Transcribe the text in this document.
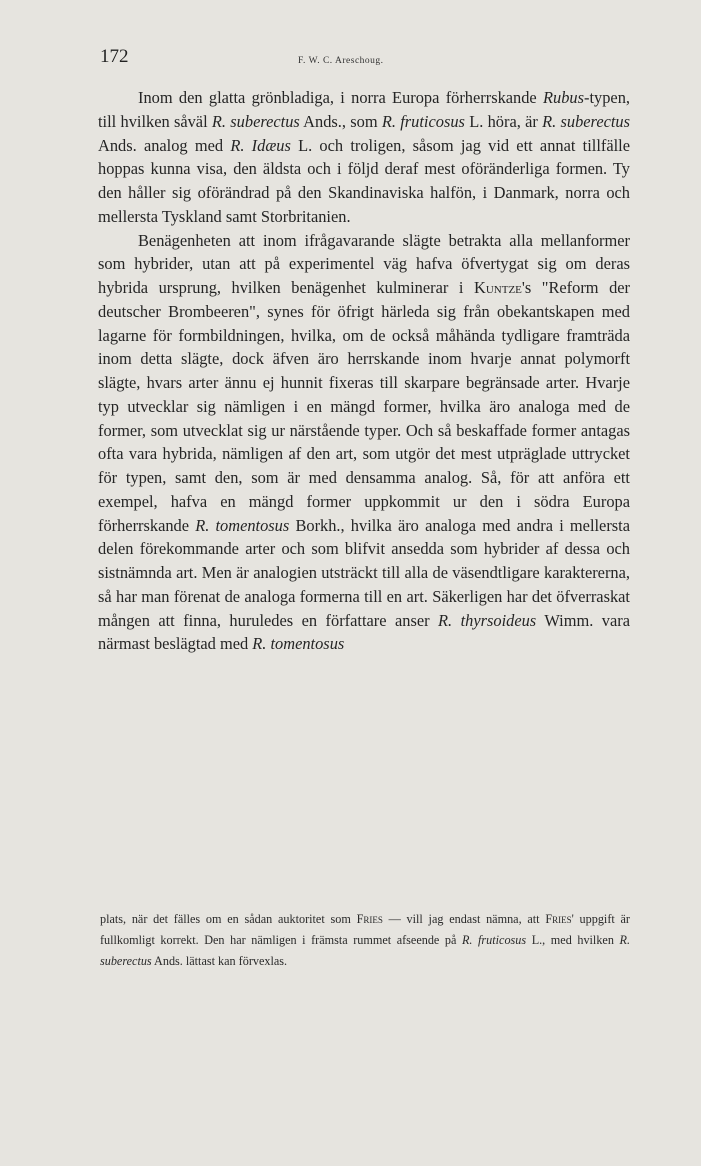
172	F. W. C. Areschoug.

Inom den glatta grönbladiga, i norra Europa förherrskande Rubus-typen, till hvilken såväl R. suberectus Ands., som R. fruticosus L. höra, är R. suberectus Ands. analog med R. Idæus L. och troligen, såsom jag vid ett annat tillfälle hoppas kunna visa, den äldsta och i följd deraf mest oföränderliga formen. Ty den håller sig oförändrad på den Skandinaviska halfön, i Danmark, norra och mellersta Tyskland samt Storbritanien.

Benägenheten att inom ifrågavarande slägte betrakta alla mellanformer som hybrider, utan att på experimentel väg hafva öfvertygat sig om deras hybrida ursprung, hvilken benägenhet kulminerar i Kuntze's "Reform der deutscher Brombeeren", synes för öfrigt härleda sig från obekantskapen med lagarne för formbildningen, hvilka, om de också måhända tydligare framträda inom detta slägte, dock äfven äro herrskande inom hvarje annat polymorft slägte, hvars arter ännu ej hunnit fixeras till skarpare begränsade arter. Hvarje typ utvecklar sig nämligen i en mängd former, hvilka äro analoga med de former, som utvecklat sig ur närstående typer. Och så beskaffade former antagas ofta vara hybrida, nämligen af den art, som utgör det mest utpräglade uttrycket för typen, samt den, som är med densamma analog. Så, för att anföra ett exempel, hafva en mängd former uppkommit ur den i södra Europa förherrskande R. tomentosus Borkh., hvilka äro analoga med andra i mellersta delen förekommande arter och som blifvit ansedda som hybrider af dessa och sistnämnda art. Men är analogien utsträckt till alla de väsendtligare karaktererna, så har man förenat de analoga formerna till en art. Säkerligen har det öfverraskat mången att finna, huruledes en författare anser R. thyrsoideus Wimm. vara närmast beslägtad med R. tomentosus

plats, när det fälles om en sådan auktoritet som Fries — vill jag endast nämna, att Fries' uppgift är fullkomligt korrekt. Den har nämligen i främsta rummet afseende på R. fruticosus L., med hvilken R. suberectus Ands. lättast kan förvexlas.
